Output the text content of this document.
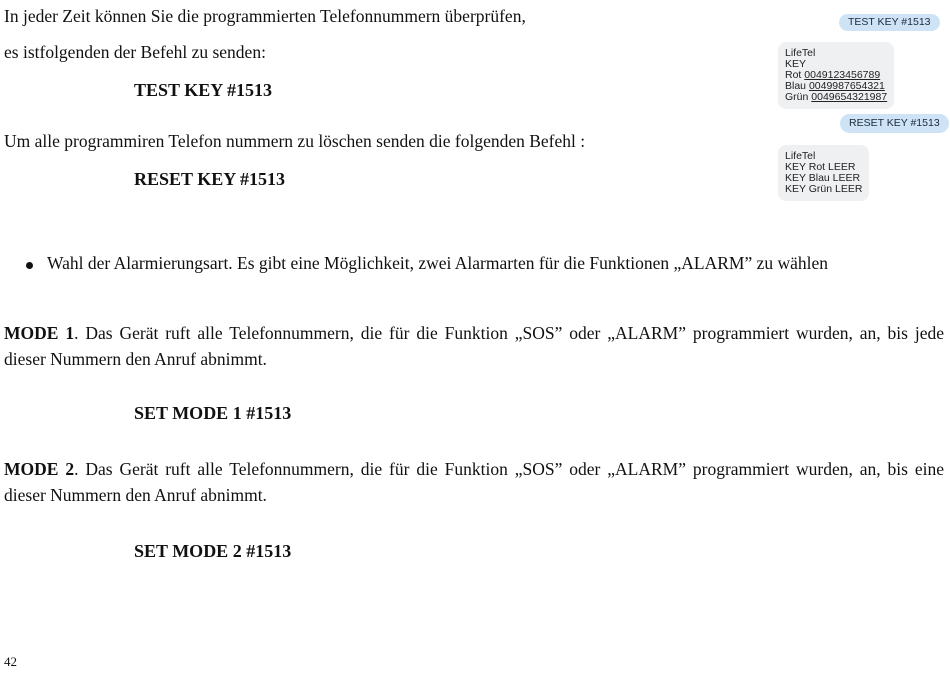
In jeder Zeit können Sie die programmierten Telefonnummern überprüfen,

es istfolgenden der Befehl zu senden:

TEST KEY #1513

Um alle programmiren Telefon nummern zu löschen senden die folgenden Befehl :

RESET KEY #1513

Wahl der Alarmierungsart. Es gibt eine Möglichkeit, zwei Alarmarten für die Funktionen „ALARM” zu wählen

MODE 1. Das Gerät ruft alle Telefonnummern, die für die Funktion „SOS” oder „ALARM” programmiert wurden, an, bis jede dieser Nummern den Anruf abnimmt.

SET MODE 1 #1513

MODE 2. Das Gerät ruft alle Telefonnummern, die für die Funktion „SOS” oder „ALARM” programmiert wurden, an, bis eine dieser Nummern den Anruf abnimmt.

SET MODE 2 #1513

42
TEST KEY #1513
LifeTel
KEY
Rot 0049123456789
Blau 0049987654321
Grün 0049654321987
RESET KEY #1513
LifeTel
KEY Rot LEER
KEY Blau LEER
KEY Grün LEER
